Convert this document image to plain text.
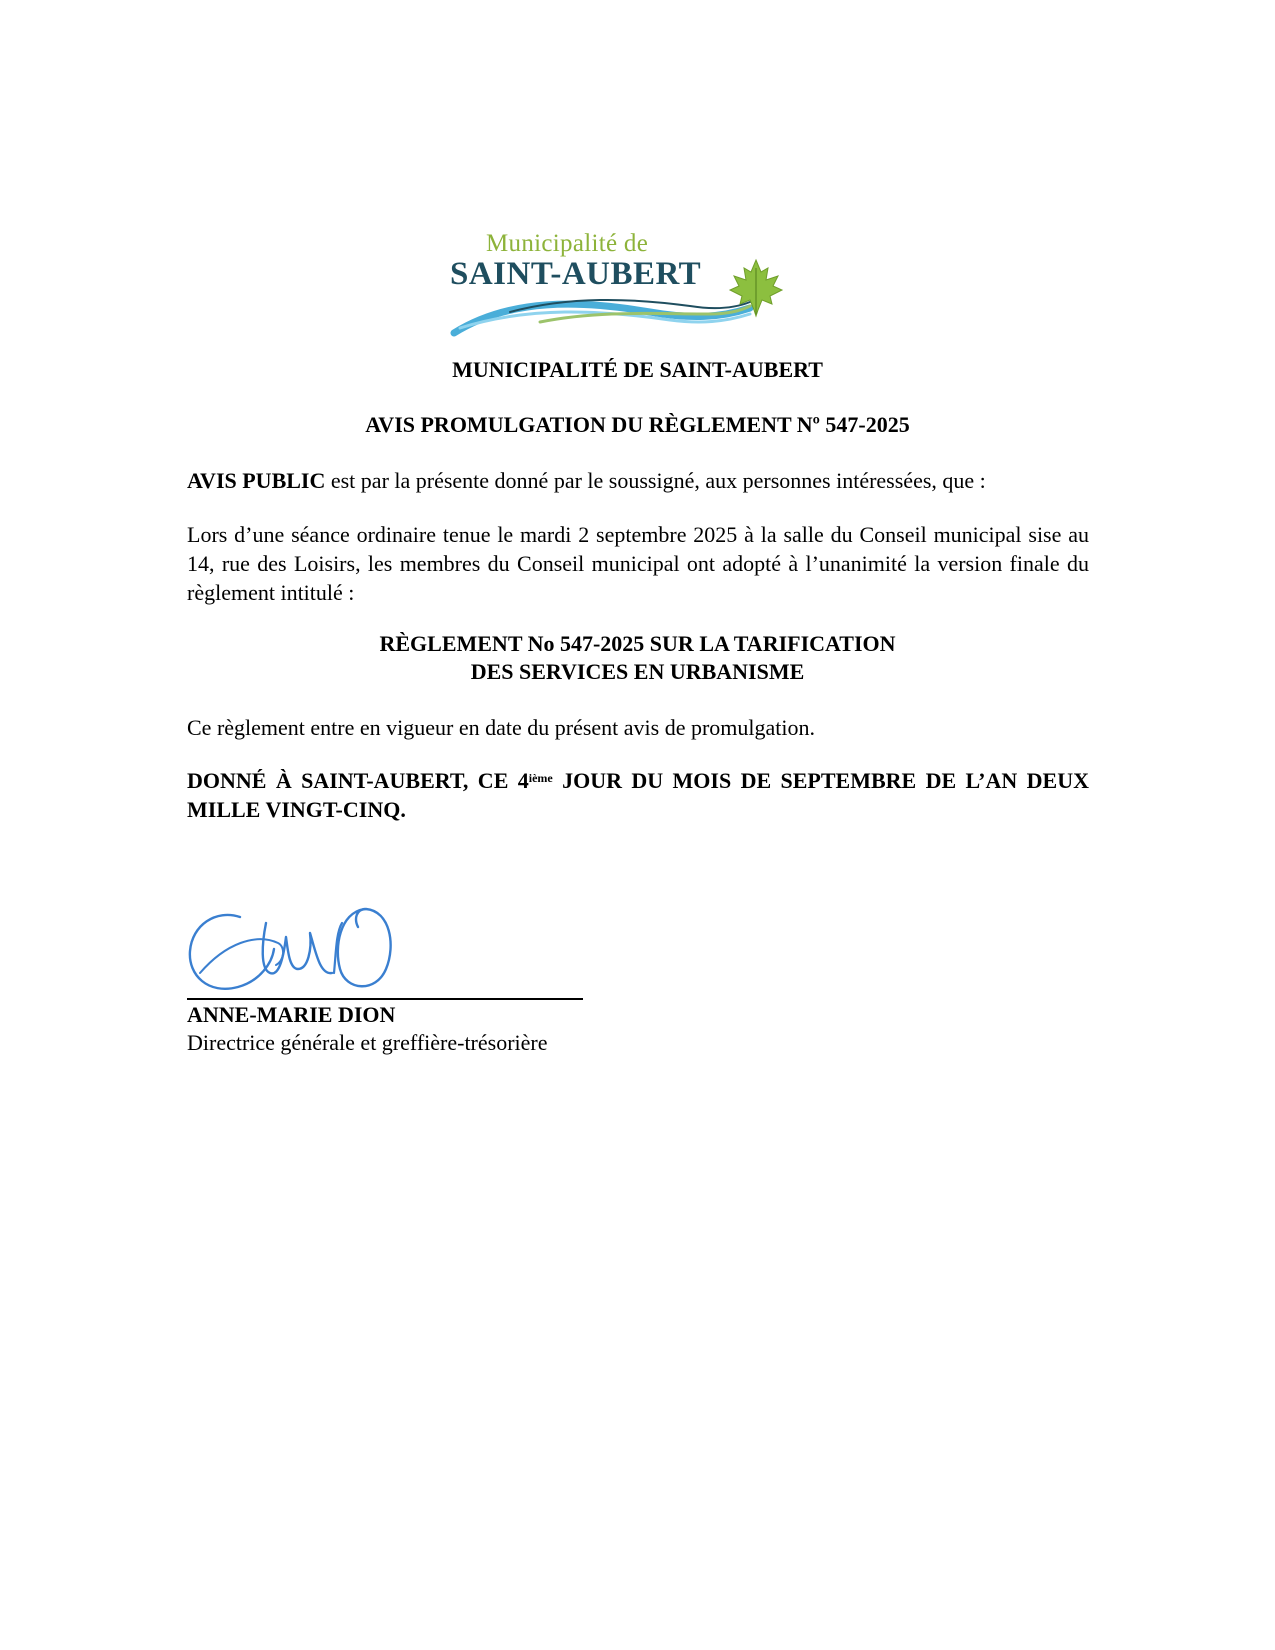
Municipalité de
SAINT-AUBERT
MUNICIPALITÉ DE SAINT-AUBERT
AVIS PROMULGATION DU RÈGLEMENT Nº 547-2025
AVIS PUBLIC est par la présente donné par le soussigné, aux personnes intéressées, que :
Lors d’une séance ordinaire tenue le mardi 2 septembre 2025 à la salle du Conseil municipal sise au 14, rue des Loisirs, les membres du Conseil municipal ont adopté à l’unanimité la version finale du règlement intitulé :
RÈGLEMENT No 547-2025 SUR LA TARIFICATION
DES SERVICES EN URBANISME
Ce règlement entre en vigueur en date du présent avis de promulgation.
DONNÉ À SAINT-AUBERT, CE 4ième JOUR DU MOIS DE SEPTEMBRE DE L’AN DEUX MILLE VINGT-CINQ.
ANNE-MARIE DION
Directrice générale et greffière-trésorière
